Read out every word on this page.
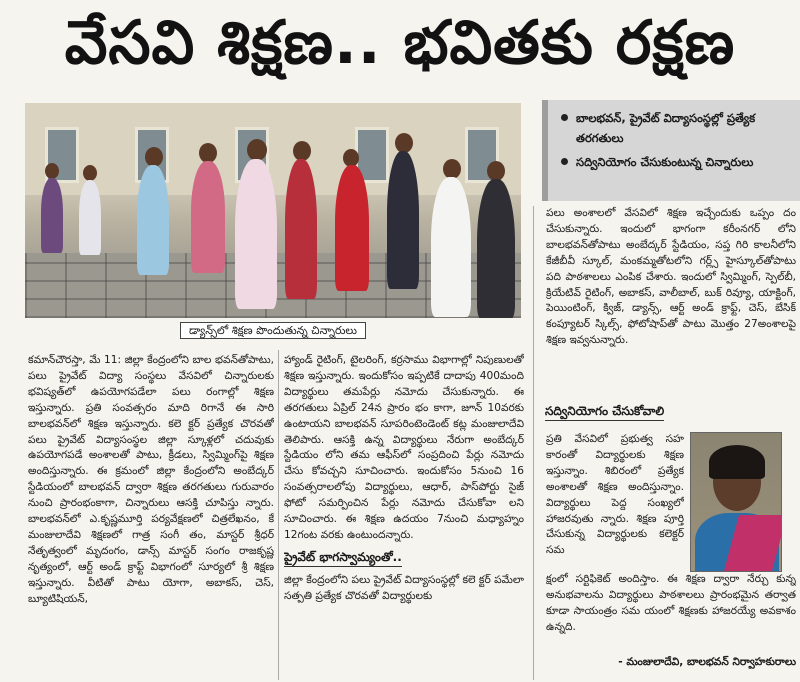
వేసవి శిక్షణ.. భవితకు రక్షణ
డ్యాన్స్‌లో శిక్షణ పొందుతున్న చిన్నారులు
బాలభవన్, ప్రైవేట్ విద్యాసంస్థల్లో ప్రత్యేక తరగతులు
సద్వినియోగం చేసుకుంటున్న చిన్నారులు

కమాన్‌చౌరస్తా, మే 11: జిల్లా కేంద్రంలోని బాల భవన్‌తోపాటు, పలు ప్రైవేట్ విద్యా సంస్థలు వేసవిలో చిన్నారులకు భవిష్యత్‌లో ఉపయోగపడేలా పలు రంగాల్లో శిక్షణ ఇస్తున్నారు. ప్రతి సంవత్సరం మాది రిగానే ఈ సారి బాలభవన్‌లో శిక్షణ ఇస్తున్నారు. కలె క్టర్ ప్రత్యేక చొరవతో పలు ప్రైవేట్ విద్యాసంస్థల జిల్లా స్కూళ్లలో చదువుకు ఉపయోగపడే అంశాలతో పాటు, క్రీడలు, స్విమ్మింగ్‌పై శిక్షణ అందిస్తున్నారు. ఈ క్రమంలో జిల్లా కేంద్రంలోని అంబేద్కర్ స్టేడియంలో బాలభవన్ ద్వారా శిక్షణ తరగతులు గురువారం నుంచి ప్రారంభంకాగా, చిన్నారులు ఆసక్తి చూపిస్తు న్నారు. బాలభవన్‌లో ఎ.కృష్ణమూర్తి పర్యవేక్షణలో చిత్రలేఖనం, కే మంజులాదేవి శిక్షణలో గాత్ర సంగీ తం, మాస్టర్ శ్రీధర్ నేతృత్వంలో మృదంగం, డాన్స్ మాస్టర్ సంగం రాజకృష్ణ నృత్యంలో, ఆర్ట్ అండ్ క్రాఫ్ట్ విభాగంలో సూర్యలో శ్రీ శిక్షణ ఇస్తున్నారు. వీటితో పాటు యోగా, అబాకస్, చెస్, బ్యూటిషియన్,

హ్యాండ్ రైటింగ్, టైలరింగ్, కర్రసాము విభాగాల్లో నిపుణులతో శిక్షణ ఇస్తున్నారు. ఇందుకోసం ఇప్పటికే దాదాపు 400మంది విద్యార్థులు తమపేర్లు నమోదు చేసుకున్నారు. ఈ తరగతులు ఏప్రిల్ 24న ప్రారం భం కాగా, జూన్ 10వరకు ఉంటాయని బాలభవన్ సూపరింటెండెంట్ కట్ల మంజులాదేవి తెలిపారు. ఆసక్తి ఉన్న విద్యార్థులు నేరుగా అంబేద్కర్ స్టేడియం లోని తమ ఆఫీస్‌లో సంప్రదించి పేర్లు నమోదు చేసు కోవచ్చని సూచించారు. ఇందుకోసం 5నుంచి 16 సంవత్సరాలలోపు విద్యార్థులు, ఆధార్, పాస్‌పోర్టు సైజ్ ఫోటో సమర్పించిన పేర్లు నమోదు చేసుకోవా లని సూచించారు. ఈ శిక్షణ ఉదయం 7నుంచి మధ్యాహ్నం 12గంట వరకు ఉంటుందన్నారు.

ప్రైవేట్ భాగస్వామ్యంతో..

జిల్లా కేంద్రంలోని పలు ప్రైవేట్ విద్యాసంస్థల్లో కలె క్టర్ పమేలా సత్పతి ప్రత్యేక చొరవతో విద్యార్థులకు

పలు అంశాలలో వేసవిలో శిక్షణ ఇచ్చేందుకు ఒప్పం దం చేసుకున్నారు. ఇందులో భాగంగా కరీంనగర్ లోని బాలభవన్‌తోపాటు అంబేద్కర్ స్టేడియం, సప్త గిరి కాలనీలోని కేజీబీవీ స్కూల్, మంకమ్మతోటలోని గర్ల్స్ హైస్కూల్‌తోపాటు పది పాఠశాలలు ఎంపిక చేశారు. ఇందులో స్విమ్మింగ్, స్పెల్‌బీ, క్రియేటివ్ రైటింగ్, అబాకస్, వాలీబాల్, బుక్ రివ్యూ, యాక్టింగ్, పెయింటింగ్, క్విజ్, డ్యాన్స్, ఆర్ట్ అండ్ క్రాఫ్ట్, చెస్, బేసిక్ కంప్యూటర్ స్కిల్స్, ఫోటోషాప్‌తో పాటు మొత్తం 27అంశాలపై శిక్షణ ఇవ్వనున్నారు.

సద్వినియోగం చేసుకోవాలి

ప్రతి వేసవిలో ప్రభుత్వ సహ కారంతో విద్యార్థులకు శిక్షణ ఇస్తున్నాం. శిబిరంలో ప్రత్యేక అంశాలతో శిక్షణ అందిస్తున్నాం. విద్యార్థులు పెద్ద సంఖ్యలో హాజరవుతు న్నారు. శిక్షణ పూర్తి చేసుకున్న విద్యార్థులకు కలెక్టర్ సమ

క్షంలో సర్టిఫికెట్ అందిస్తాం. ఈ శిక్షణ ద్వారా నేర్చు కున్న అనుభవాలను విద్యార్థులు పాఠశాలలు ప్రారంభమైన తర్వాత కూడా సాయంత్రం సమ యంలో శిక్షణకు హాజరయ్యే అవకాశం ఉన్నది.

- మంజులాదేవి, బాలభవన్ నిర్వాహకురాలు
